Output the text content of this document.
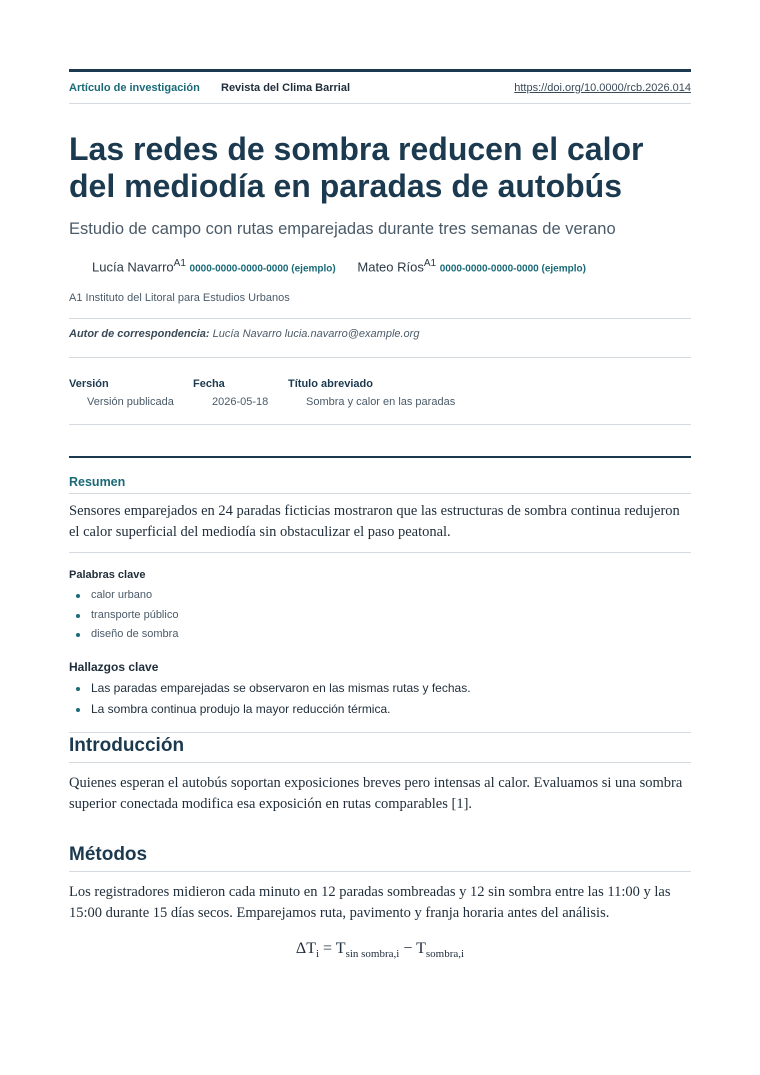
Artículo de investigación Revista del Clima Barrial	https://doi.org/10.0000/rcb.2026.014
Las redes de sombra reducen el calor del mediodía en paradas de autobús

Estudio de campo con rutas emparejadas durante tres semanas de verano

Lucía Navarro$^{A1}$ 0000-0000-0000-0000 (ejemplo) Mateo Ríos$^{A1}$ 0000-0000-0000-0000 (ejemplo)
A1 Instituto del Litoral para Estudios Urbanos
Autor de correspondencia: Lucía Navarro lucia.navarro@example.org
Versión	Fecha	Título abreviado
Versión publicada	2026-05-18	Sombra y calor en las paradas
Resumen

Sensores emparejados en 24 paradas ficticias mostraron que las estructuras de sombra continua redujeron el calor superficial del mediodía sin obstaculizar el paso peatonal.

Palabras clave
calor urbano
transporte público
diseño de sombra
Hallazgos clave
Las paradas emparejadas se observaron en las mismas rutas y fechas.
La sombra continua produjo la mayor reducción térmica.
Introducción

Quienes esperan el autobús soportan exposiciones breves pero intensas al calor. Evaluamos si una sombra superior conectada modifica esa exposición en rutas comparables [1].

Métodos

Los registradores midieron cada minuto en 12 paradas sombreadas y 12 sin sombra entre las 11:00 y las 15:00 durante 15 días secos. Emparejamos ruta, pavimento y franja horaria antes del análisis.

$\Delta T_i = T_{sin sombra,i} - T_{sombra,i}$
